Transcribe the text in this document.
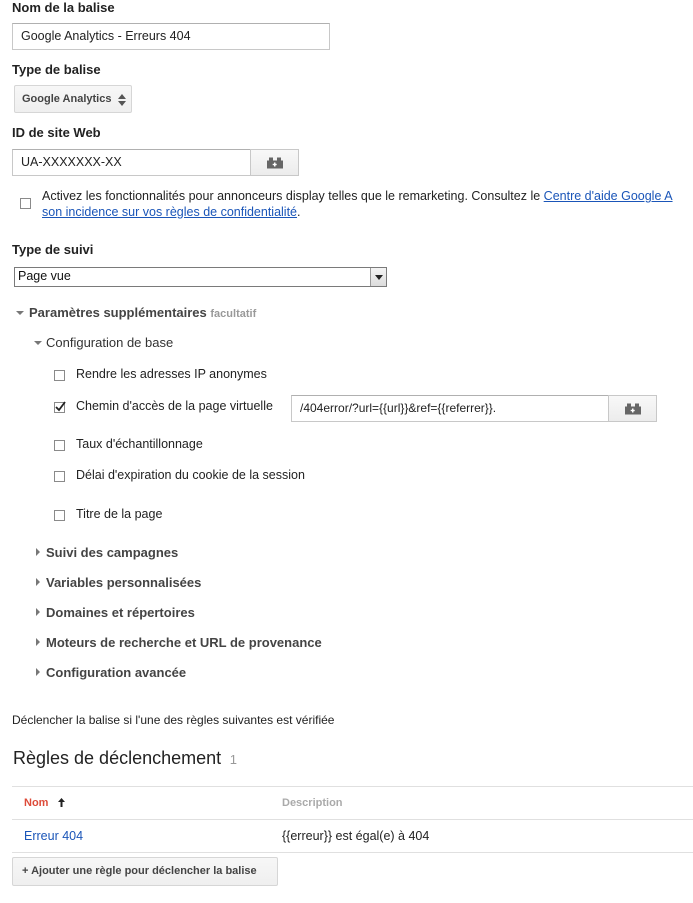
Nom de la balise
Google Analytics - Erreurs 404
Type de balise
Google Analytics
ID de site Web
UA-XXXXXXX-XX
Activez les fonctionnalités pour annonceurs display telles que le remarketing. Consultez le Centre d'aide Google A
son incidence sur vos règles de confidentialité.
Type de suivi
Page vue
Paramètres supplémentaires facultatif
Configuration de base
Rendre les adresses IP anonymes
Chemin d'accès de la page virtuelle	/404error/?url={{url}}&ref={{referrer}}.
Taux d'échantillonnage
Délai d'expiration du cookie de la session
Titre de la page
Suivi des campagnes
Variables personnalisées
Domaines et répertoires
Moteurs de recherche et URL de provenance
Configuration avancée
Déclencher la balise si l'une des règles suivantes est vérifiée
Règles de déclenchement 1
Nom	Description
Erreur 404	{{erreur}} est égal(e) à 404
+ Ajouter une règle pour déclencher la balise
